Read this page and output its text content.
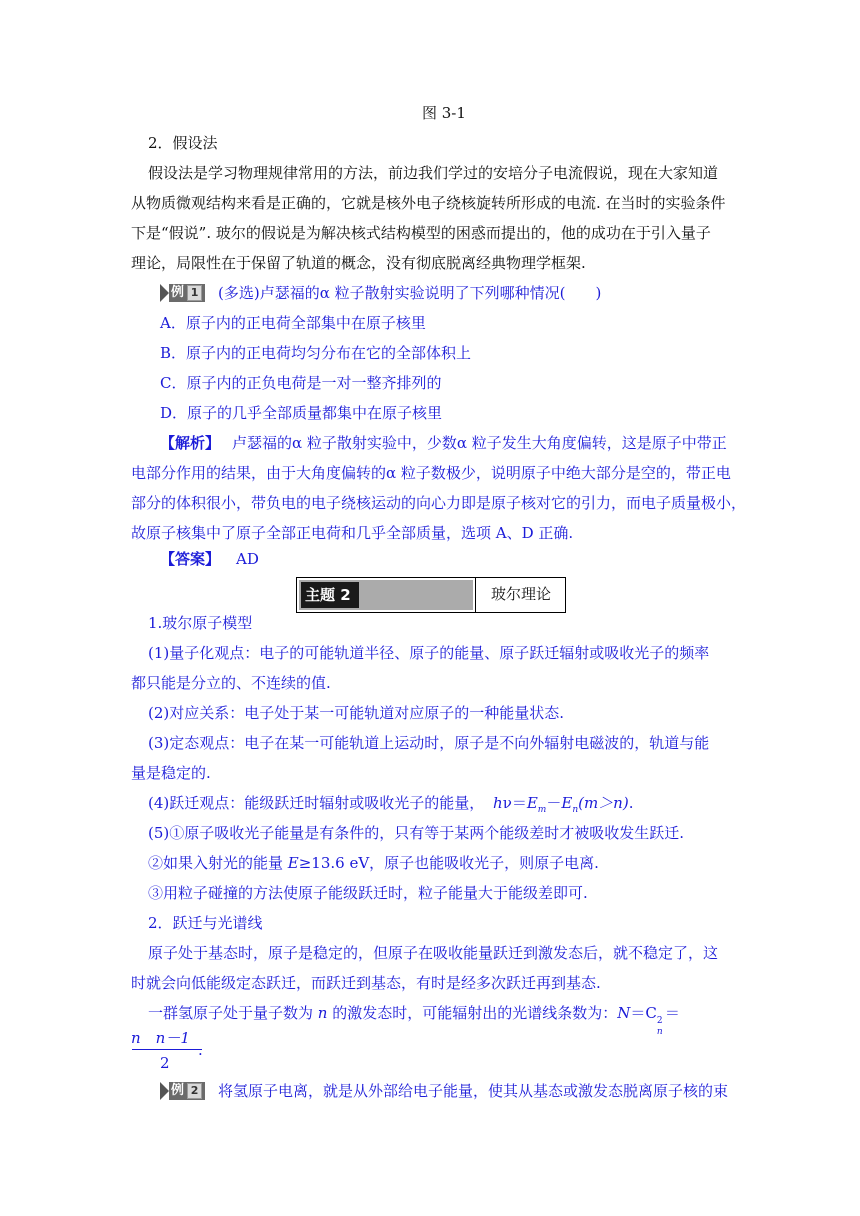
图 3-1
2．假设法
假设法是学习物理规律常用的方法，前边我们学过的安培分子电流假说，现在大家知道
从物质微观结构来看是正确的，它就是核外电子绕核旋转所形成的电流. 在当时的实验条件
下是“假说”. 玻尔的假说是为解决核式结构模型的困惑而提出的，他的成功在于引入量子
理论，局限性在于保留了轨道的概念，没有彻底脱离经典物理学框架.
例 1 (多选)卢瑟福的α 粒子散射实验说明了下列哪种情况(　　)
A．原子内的正电荷全部集中在原子核里
B．原子内的正电荷均匀分布在它的全部体积上
C．原子内的正负电荷是一对一整齐排列的
D．原子的几乎全部质量都集中在原子核里
【解析】 卢瑟福的α 粒子散射实验中，少数α 粒子发生大角度偏转，这是原子中带正
电部分作用的结果，由于大角度偏转的α 粒子数极少，说明原子中绝大部分是空的，带正电
部分的体积很小，带负电的电子绕核运动的向心力即是原子核对它的引力，而电子质量极小，
故原子核集中了原子全部正电荷和几乎全部质量，选项 A、D 正确.
【答案】 AD
主题 2	玻尔理论
1.玻尔原子模型
(1)量子化观点：电子的可能轨道半径、原子的能量、原子跃迁辐射或吸收光子的频率
都只能是分立的、不连续的值.
(2)对应关系：电子处于某一可能轨道对应原子的一种能量状态.
(3)定态观点：电子在某一可能轨道上运动时，原子是不向外辐射电磁波的，轨道与能
量是稳定的.
(4)跃迁观点：能级跃迁时辐射或吸收光子的能量， $h\nu=E_m-E_n(m>n)$.
(5)①原子吸收光子能量是有条件的，只有等于某两个能级差时才被吸收发生跃迁.
②如果入射光的能量 E≥13.6 eV，原子也能吸收光子，则原子电离.
③用粒子碰撞的方法使原子能级跃迁时，粒子能量大于能级差即可.
2．跃迁与光谱线
原子处于基态时，原子是稳定的，但原子在吸收能量跃迁到激发态后，就不稳定了，这
时就会向低能级定态跃迁，而跃迁到基态，有时是经多次跃迁再到基态.
一群氢原子处于量子数为 n 的激发态时，可能辐射出的光谱线条数为：N＝C 2
n
＝
n　n－1
.
2
例 2 将氢原子电离，就是从外部给电子能量，使其从基态或激发态脱离原子核的束
